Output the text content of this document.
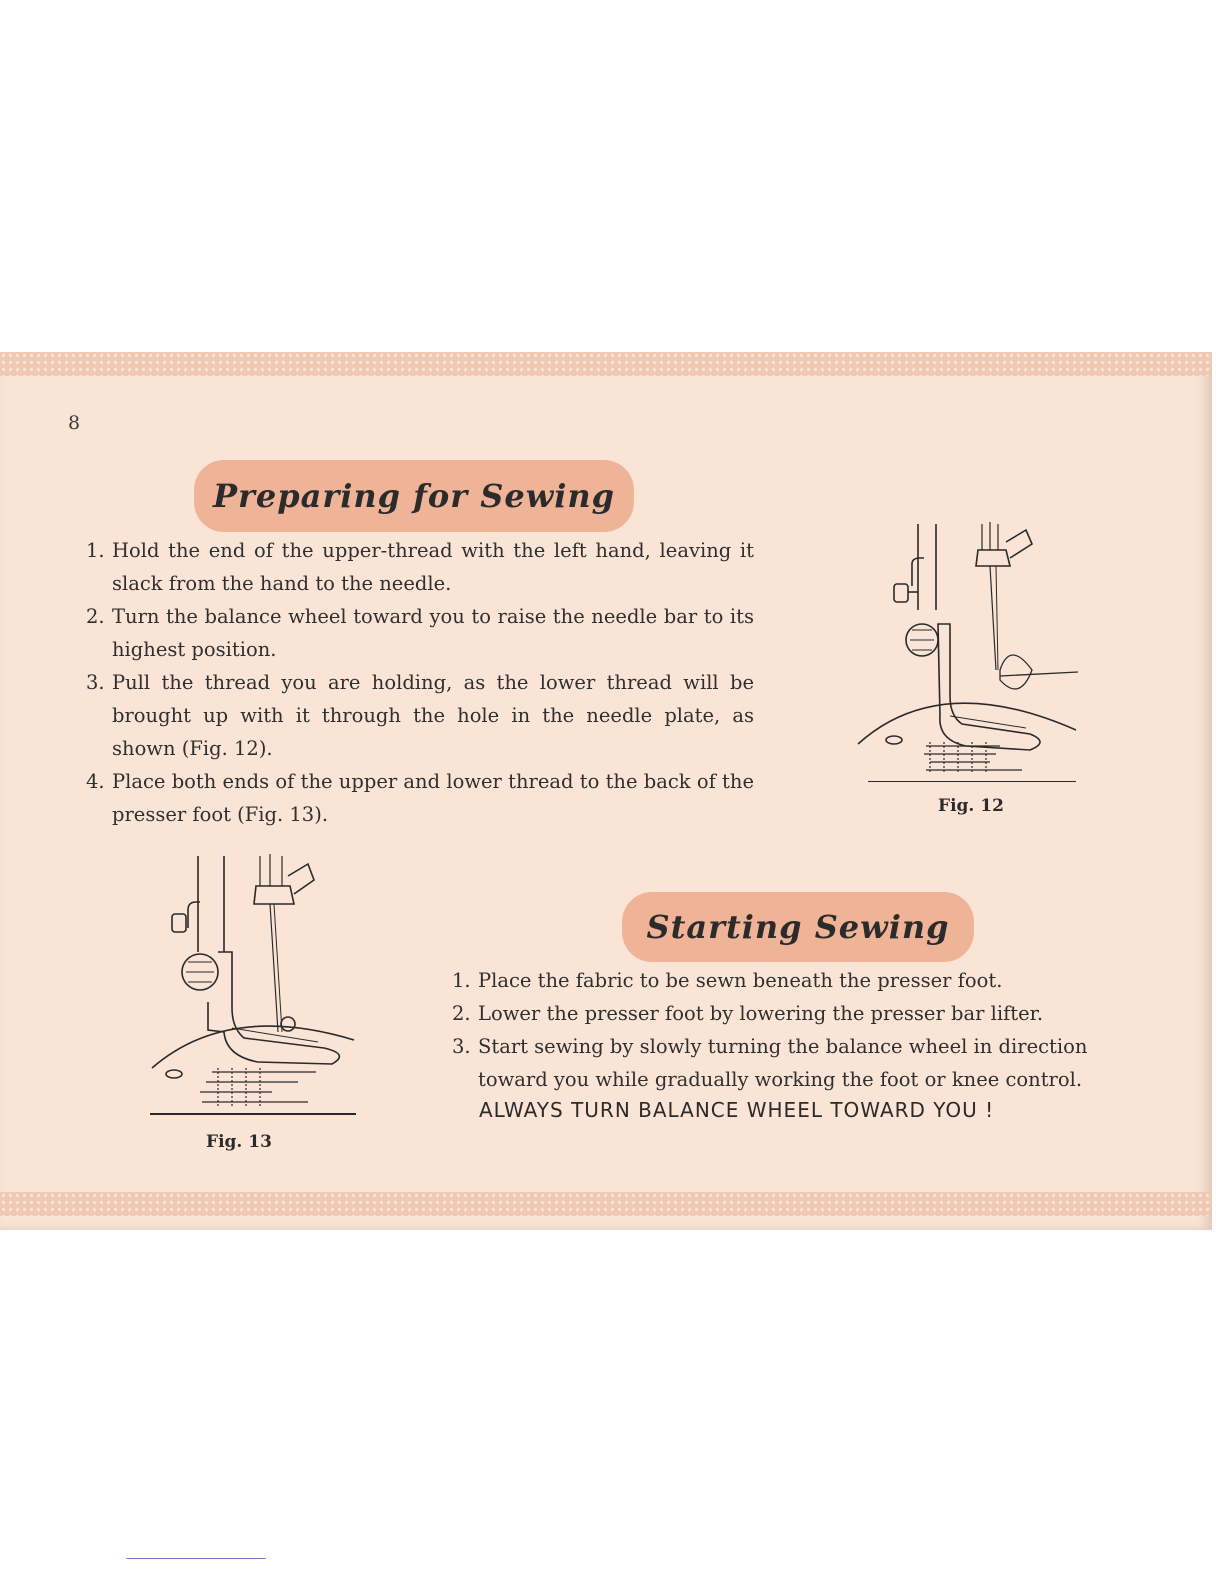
8
Preparing for Sewing
1. Hold the end of the upper-thread with the left hand, leaving it slack from the hand to the needle.
2. Turn the balance wheel toward you to raise the needle bar to its highest position.
3. Pull the thread you are holding, as the lower thread will be brought up with it through the hole in the needle plate, as shown (Fig. 12).
4. Place both ends of the upper and lower thread to the back of the presser foot (Fig. 13).	Fig. 12
Fig. 13
Starting Sewing
1. Place the fabric to be sewn beneath the presser foot.
2. Lower the presser foot by lowering the presser bar lifter.
3. Start sewing by slowly turning the balance wheel in direction toward you while gradually working the foot or knee control.
ALWAYS TURN BALANCE WHEEL TOWARD YOU !
